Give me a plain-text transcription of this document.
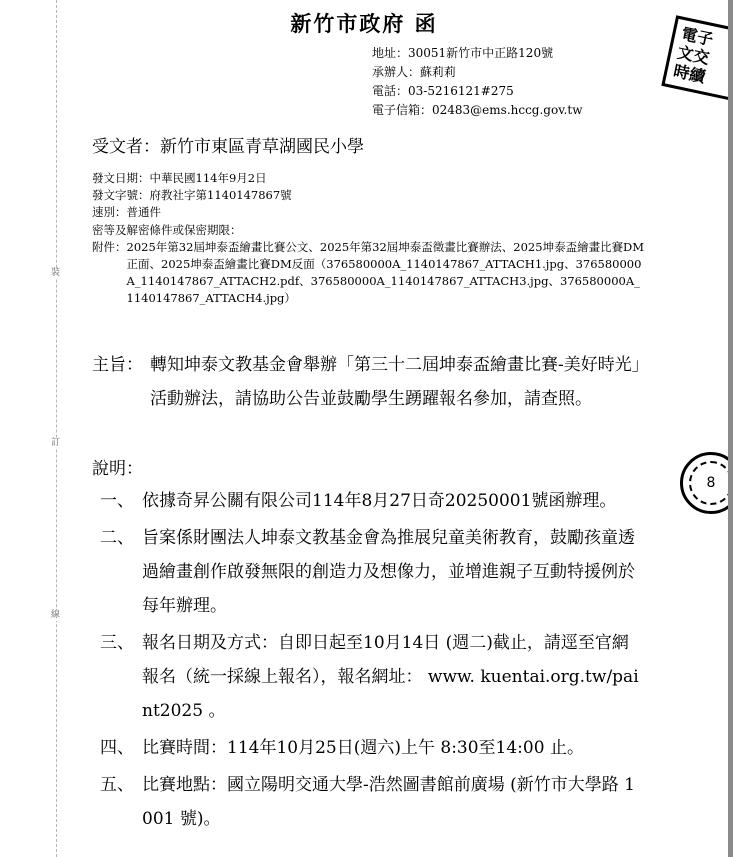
裝
訂
線
新竹市政府 函
地址：30051新竹市中正路120號
承辦人：蘇莉莉
電話：03-5216121#275
電子信箱：02483@ems.hccg.gov.tw
電子
文交
時續
受文者：新竹市東區青草湖國民小學
發文日期：中華民國114年9月2日
發文字號：府教社字第1140147867號
速別：普通件
密等及解密條件或保密期限：
附件： 2025年第32屆坤泰盃繪畫比賽公文、2025年第32屆坤泰盃徵畫比賽辦法、2025坤泰盃繪畫比賽DM正面、2025坤泰盃繪畫比賽DM反面（376580000A_1140147867_ATTACH1.jpg、376580000A_1140147867_ATTACH2.pdf、376580000A_1140147867_ATTACH3.jpg、376580000A_1140147867_ATTACH4.jpg）
主旨： 轉知坤泰文教基金會舉辦「第三十二屆坤泰盃繪畫比賽-美好時光」活動辦法，請協助公告並鼓勵學生踴躍報名參加，請查照。
說明：
一、 依據奇昇公關有限公司114年8月27日奇20250001號函辦理。
二、 旨案係財團法人坤泰文教基金會為推展兒童美術教育，鼓勵孩童透過繪畫創作啟發無限的創造力及想像力，並增進親子互動特援例於每年辦理。
三、 報名日期及方式：自即日起至10月14日 (週二)截止，請逕至官網報名（統一採線上報名），報名網址： www. kuentai.org.tw/paint2025 。
四、 比賽時間：114年10月25日(週六)上午 8:30至14:00 止。
五、 比賽地點：國立陽明交通大學-浩然圖書館前廣場 (新竹市大學路 1001 號)。
8
